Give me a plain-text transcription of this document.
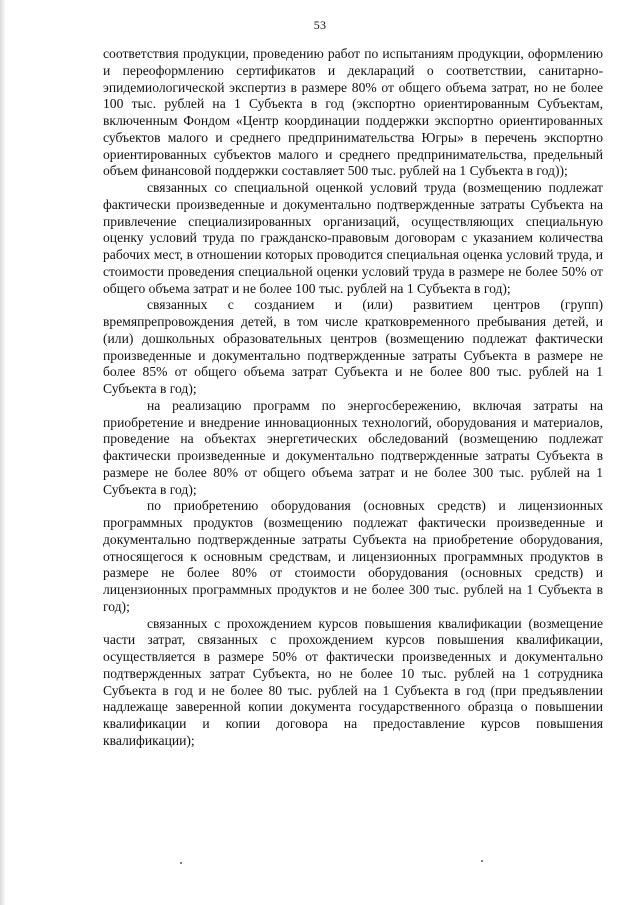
53

соответствия продукции, проведению работ по испытаниям продукции, оформлению и переоформлению сертификатов и деклараций о соответствии, санитарно-эпидемиологической экспертиз в размере 80% от общего объема затрат, но не более 100 тыс. рублей на 1 Субъекта в год (экспортно ориентированным Субъектам, включенным Фондом «Центр координации поддержки экспортно ориентированных субъектов малого и среднего предпринимательства Югры» в перечень экспортно ориентированных субъектов малого и среднего предпринимательства, предельный объем финансовой поддержки составляет 500 тыс. рублей на 1 Субъекта в год));

связанных со специальной оценкой условий труда (возмещению подлежат фактически произведенные и документально подтвержденные затраты Субъекта на привлечение специализированных организаций, осуществляющих специальную оценку условий труда по гражданско-правовым договорам с указанием количества рабочих мест, в отношении которых проводится специальная оценка условий труда, и стоимости проведения специальной оценки условий труда в размере не более 50% от общего объема затрат и не более 100 тыс. рублей на 1 Субъекта в год);

связанных с созданием и (или) развитием центров (групп) времяпрепровождения детей, в том числе кратковременного пребывания детей, и (или) дошкольных образовательных центров (возмещению подлежат фактически произведенные и документально подтвержденные затраты Субъекта в размере не более 85% от общего объема затрат Субъекта и не более 800 тыс. рублей на 1 Субъекта в год);

на реализацию программ по энергосбережению, включая затраты на приобретение и внедрение инновационных технологий, оборудования и материалов, проведение на объектах энергетических обследований (возмещению подлежат фактически произведенные и документально подтвержденные затраты Субъекта в размере не более 80% от общего объема затрат и не более 300 тыс. рублей на 1 Субъекта в год);

по приобретению оборудования (основных средств) и лицензионных программных продуктов (возмещению подлежат фактически произведенные и документально подтвержденные затраты Субъекта на приобретение оборудования, относящегося к основным средствам, и лицензионных программных продуктов в размере не более 80% от стоимости оборудования (основных средств) и лицензионных программных продуктов и не более 300 тыс. рублей на 1 Субъекта в год);

связанных с прохождением курсов повышения квалификации (возмещение части затрат, связанных с прохождением курсов повышения квалификации, осуществляется в размере 50% от фактически произведенных и документально подтвержденных затрат Субъекта, но не более 10 тыс. рублей на 1 сотрудника Субъекта в год и не более 80 тыс. рублей на 1 Субъекта в год (при предъявлении надлежаще заверенной копии документа государственного образца о повышении квалификации и копии договора на предоставление курсов повышения квалификации);
